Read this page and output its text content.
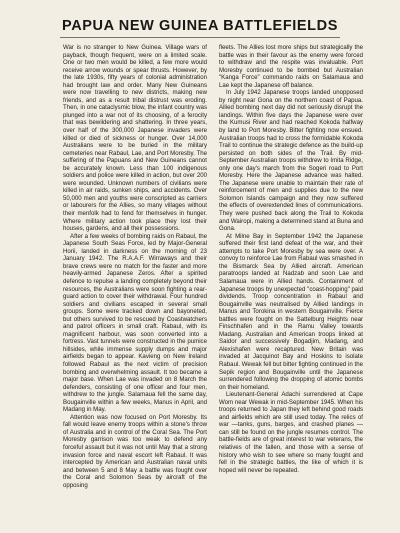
PAPUA NEW GUINEA BATTLEFIELDS

War is no stranger to New Guinea. Village wars of payback, though frequent, were on a limited scale. One or two men would be killed, a few more would receive arrow wounds or spear thrusts. However, by the late 1930s, fifty years of colonial administration had brought law and order. Many New Guineans were now travelling to new districts, making new friends, and as a result tribal distrust was eroding. Then, in one cataclysmic blow, the infant country was plunged into a war not of its choosing, of a ferocity that was bewildering and shattering. In three years, over half of the 300,000 Japanese invaders were killed or died of sickness or hunger. Over 14,000 Australians were to be buried in the military cemeteries near Rabaul, Lae, and Port Moresby. The suffering of the Papuans and New Guineans cannot be accurately known. Less than 100 indigenous soldiers and police were killed in action, but over 200 were wounded. Unknown numbers of civilians were killed in air raids, sunken ships, and accidents. Over 50,000 men and youths were conscripted as carriers or labourers for the Allies, so many villages without their menfolk had to fend for themselves in hunger. Where military action took place they lost their houses, gardens, and all their possessions.

After a few weeks of bombing raids on Rabaul, the Japanese South Seas Force, led by Major-General Horii, landed in darkness on the morning of 23 January 1942. The R.A.A.F. Wirraways and their brave crews were no match for the faster and more heavily-armed Japanese Zeros. After a spirited defence to repulse a landing completely beyond their resources, the Australians were soon fighting a rear-guard action to cover their withdrawal. Four hundred soldiers and civilians escaped in several small groups. Some were tracked down and bayoneted, but others survived to be rescued by Coastwatchers and patrol officers in small craft. Rabaul, with its magnificent harbour, was soon converted into a fortress. Vast tunnels were constructed in the pumice hillsides, while immense supply dumps and major airfields began to appear. Kavieng on New Ireland followed Rabaul as the next victim of precision bombing and overwhelming assault. It too became a major base. When Lae was invaded on 8 March the defenders, consisting of one officer and four men, withdrew to the jungle. Salamaua fell the same day, Bougainville within a few weeks, Manus in April, and Madang in May.

Attention was now focused on Port Moresby. Its fall would leave enemy troops within a stone's throw of Australia and in control of the Coral Sea. The Port Moresby garrison was too weak to defend any forceful assault but it was not until May that a strong invasion force and naval escort left Rabaul. It was intercepted by American and Australian naval units and between 5 and 8 May a battle was fought over the Coral and Solomon Seas by aircraft of the opposing

fleets. The Allies lost more ships but strategically the battle was in their favour as the enemy were forced to withdraw and the respite was invaluable. Port Moresby continued to be bombed but Australian "Kanga Force" commando raids on Salamaua and Lae kept the Japanese off balance.

In July 1942 Japanese troops landed unopposed by night near Gona on the northern coast of Papua. Allied bombing next day did not seriously disrupt the landings. Within five days the Japanese were over the Kumusi River and had reached Kokoda halfway by land to Port Moresby. Bitter fighting now ensued. Australian troops had to cross the formidable Kokoda Trail to continue the strategic defence as the build-up persisted on both sides of the Trail. By mid-September Australian troops withdrew to Imita Ridge, only one day's march from the Sogeri road to Port Moresby. Here the Japanese advance was halted. The Japanese were unable to maintain their rate of reinforcement of men and supplies due to the new Solomon Islands campaign and they now suffered the effects of overextended lines of communications. They were pushed back along the Trail to Kokoda and Wairopi, making a determined stand at Buna and Gona.

At Milne Bay in September 1942 the Japanese suffered their first land defeat of the war, and their attempts to take Port Moresby by sea were over. A convoy to reinforce Lae from Rabaul was smashed in the Bismarck Sea by Allied aircraft. American paratroops landed at Nadzab and soon Lae and Salamaua were in Allied hands. Containment of Japanese troops by unexpected "coast-hopping" paid dividends. Troop concentration in Rabaul and Bougainville was neutralised by Allied landings in Manus and Torokina in western Bougainville. Fierce battles were fought on the Sattelburg Heights near Finschhafen and in the Ramu Valley towards Madang. Australian and American troops linked at Saidor and successively Bogadjim, Madang, and Alexishafen were recaptured. New Britain was invaded at Jacquinot Bay and Hoskins to isolate Rabaul. Wewak fell but bitter fighting continued in the Sepik region and Bougainville until the Japanese surrendered following the dropping of atomic bombs on their homeland.

Lieutenant-General Adachi surrendered at Cape Wom near Wewak in mid-September 1945. When his troops returned to Japan they left behind good roads and airfields which are still used today. The relics of war —tanks, guns, barges, and crashed planes —can still be found on the jungle resumes control. The battle-fields are of great interest to war veterans, the relatives of the fallen, and those with a sense of history who wish to see where so many fought and fell in the strategic battles, the like of which it is hoped will never be repeated.
